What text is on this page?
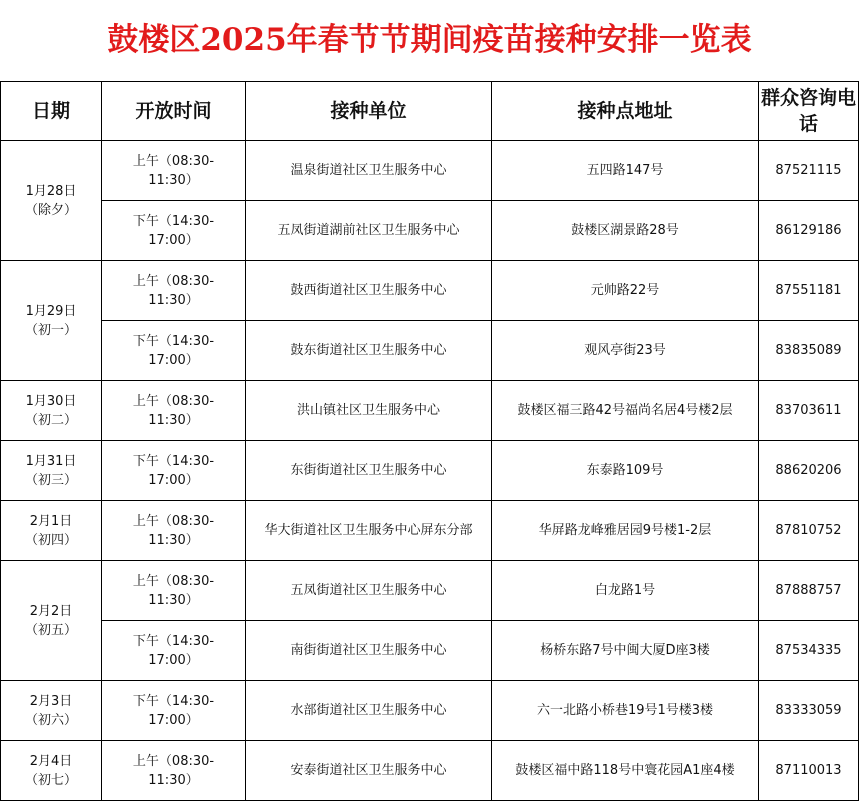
鼓楼区2025年春节节期间疫苗接种安排一览表
日期	开放时间	接种单位	接种点地址	群众咨询电话

1月28日
（除夕）	上午（08:30-
11:30）	温泉街道社区卫生服务中心	五四路147号	87521115

	下午（14:30-
17:00）	五凤街道湖前社区卫生服务中心	鼓楼区湖景路28号	86129186

1月29日
（初一）	上午（08:30-
11:30）	鼓西街道社区卫生服务中心	元帅路22号	87551181

	下午（14:30-
17:00）	鼓东街道社区卫生服务中心	观风亭街23号	83835089

1月30日
（初二）	上午（08:30-
11:30）	洪山镇社区卫生服务中心	鼓楼区福三路42号福尚名居4号楼2层	83703611

1月31日
（初三）	下午（14:30-
17:00）	东街街道社区卫生服务中心	东泰路109号	88620206

2月1日
（初四）	上午（08:30-
11:30）	华大街道社区卫生服务中心屏东分部	华屏路龙峰雅居园9号楼1-2层	87810752

2月2日
（初五）	上午（08:30-
11:30）	五凤街道社区卫生服务中心	白龙路1号	87888757

	下午（14:30-
17:00）	南街街道社区卫生服务中心	杨桥东路7号中闽大厦D座3楼	87534335

2月3日
（初六）	下午（14:30-
17:00）	水部街道社区卫生服务中心	六一北路小桥巷19号1号楼3楼	83333059

2月4日
（初七）	上午（08:30-
11:30）	安泰街道社区卫生服务中心	鼓楼区福中路118号中寰花园A1座4楼	87110013
